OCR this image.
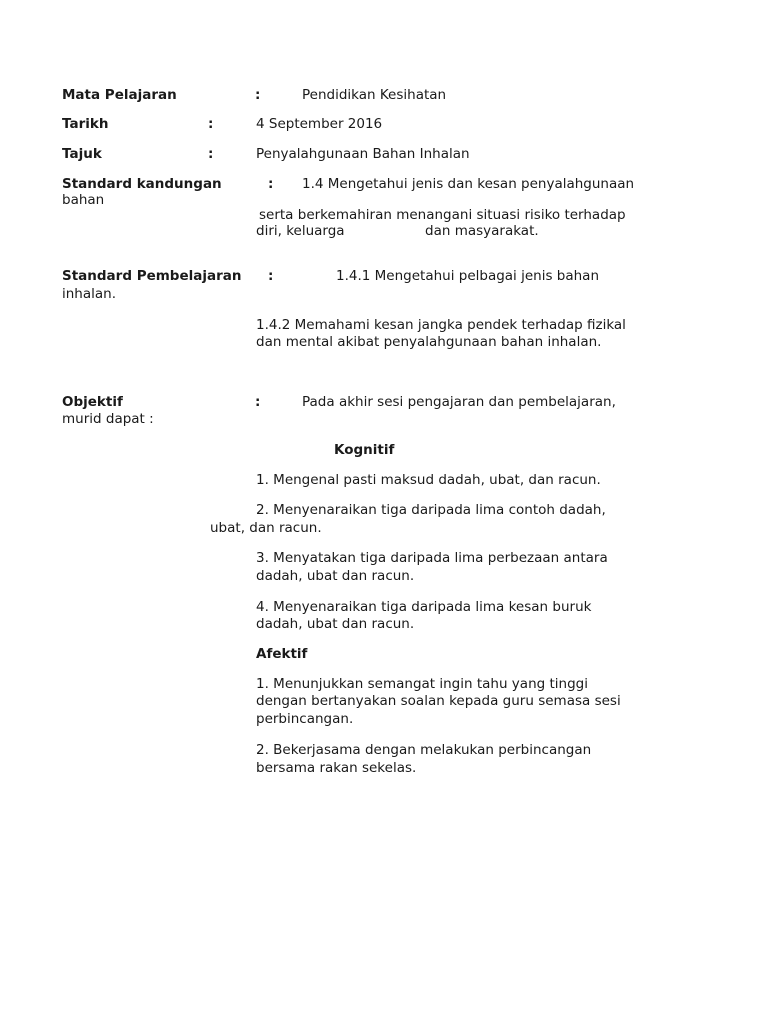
Mata Pelajaran	:	Pendidikan Kesihatan
Tarikh	:	4 September 2016
Tajuk	:	Penyalahgunaan Bahan Inhalan
Standard kandungan	: 1.4 Mengetahui jenis dan kesan penyalahgunaan
bahan
serta berkemahiran menangani situasi risiko terhadap
diri, keluarga	dan masyarakat.
Standard Pembelajaran :	1.4.1 Mengetahui pelbagai jenis bahan
inhalan.
1.4.2 Memahami kesan jangka pendek terhadap fizikal
dan mental akibat penyalahgunaan bahan inhalan.
Objektif	:	Pada akhir sesi pengajaran dan pembelajaran,
murid dapat :
Kognitif
1. Mengenal pasti maksud dadah, ubat, dan racun.
2. Menyenaraikan tiga daripada lima contoh dadah,
ubat, dan racun.
3. Menyatakan tiga daripada lima perbezaan antara
dadah, ubat dan racun.
4. Menyenaraikan tiga daripada lima kesan buruk
dadah, ubat dan racun.
Afektif
1. Menunjukkan semangat ingin tahu yang tinggi
dengan bertanyakan soalan kepada guru semasa sesi
perbincangan.
2. Bekerjasama dengan melakukan perbincangan
bersama rakan sekelas.
